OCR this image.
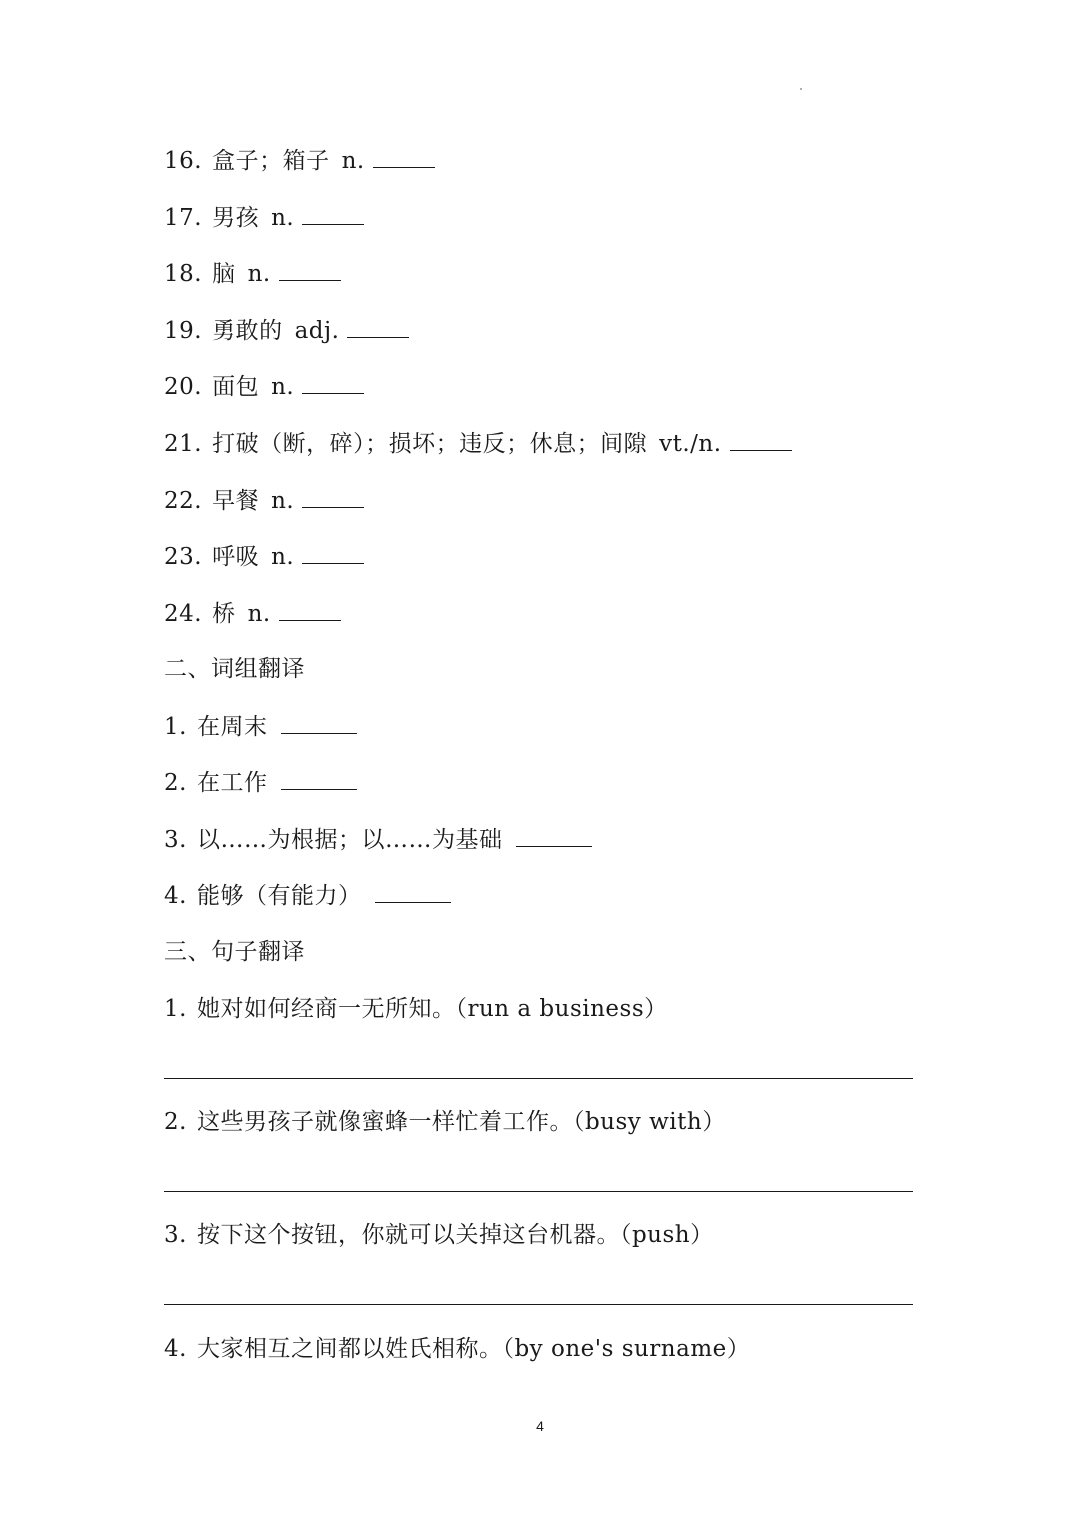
16. 盒子；箱子 n.
17. 男孩 n.
18. 脑 n.
19. 勇敢的 adj.
20. 面包 n.
21. 打破（断，碎）；损坏；违反；休息；间隙 vt./n.
22. 早餐 n.
23. 呼吸 n.
24. 桥 n.
二、词组翻译
1. 在周末
2. 在工作
3. 以……为根据；以……为基础
4. 能够（有能力）
三、句子翻译
1. 她对如何经商一无所知。（run a business）
2. 这些男孩子就像蜜蜂一样忙着工作。（busy with）
3. 按下这个按钮，你就可以关掉这台机器。（push）
4. 大家相互之间都以姓氏相称。（by one's surname）
4
